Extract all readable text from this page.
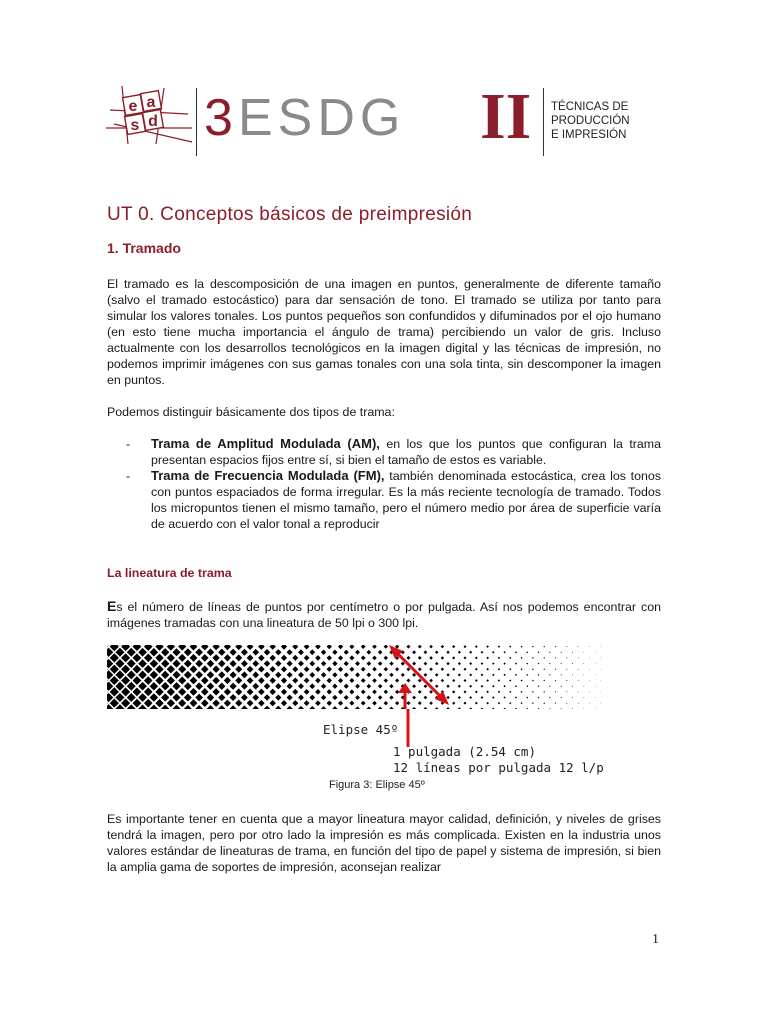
e a
s d 3 ESDG II TÉCNICAS DE
PRODUCCIÓN
E IMPRESIÓN
UT 0. Conceptos básicos de preimpresión
1. Tramado
El tramado es la descomposición de una imagen en puntos, generalmente de diferente tamaño (salvo el tramado estocástico) para dar sensación de tono. El tramado se utiliza por tanto para simular los valores tonales. Los puntos pequeños son confundidos y difuminados por el ojo humano (en esto tiene mucha importancia el ángulo de trama) percibiendo un valor de gris. Incluso actualmente con los desarrollos tecnológicos en la imagen digital y las técnicas de impresión, no podemos imprimir imágenes con sus gamas tonales con una sola tinta, sin descomponer la imagen en puntos.
Podemos distinguir básicamente dos tipos de trama:
- Trama de Amplitud Modulada (AM), en los que los puntos que configuran la trama presentan espacios fijos entre sí, si bien el tamaño de estos es variable.
- Trama de Frecuencia Modulada (FM), también denominada estocástica, crea los tonos con puntos espaciados de forma irregular. Es la más reciente tecnología de tramado. Todos los micropuntos tienen el mismo tamaño, pero el número medio por área de superficie varía de acuerdo con el valor tonal a reproducir
La lineatura de trama
Es el número de líneas de puntos por centímetro o por pulgada. Así nos podemos encontrar con imágenes tramadas con una lineatura de 50 lpi o 300 lpi.
Elipse 45º
1 pulgada (2.54 cm)
12 líneas por pulgada 12 l/p
Figura 3: Elipse 45º
Es importante tener en cuenta que a mayor lineatura mayor calidad, definición, y niveles de grises tendrá la imagen, pero por otro lado la impresión es más complicada. Existen en la industria unos valores estándar de lineaturas de trama, en función del tipo de papel y sistema de impresión, si bien la amplia gama de soportes de impresión, aconsejan realizar
1
